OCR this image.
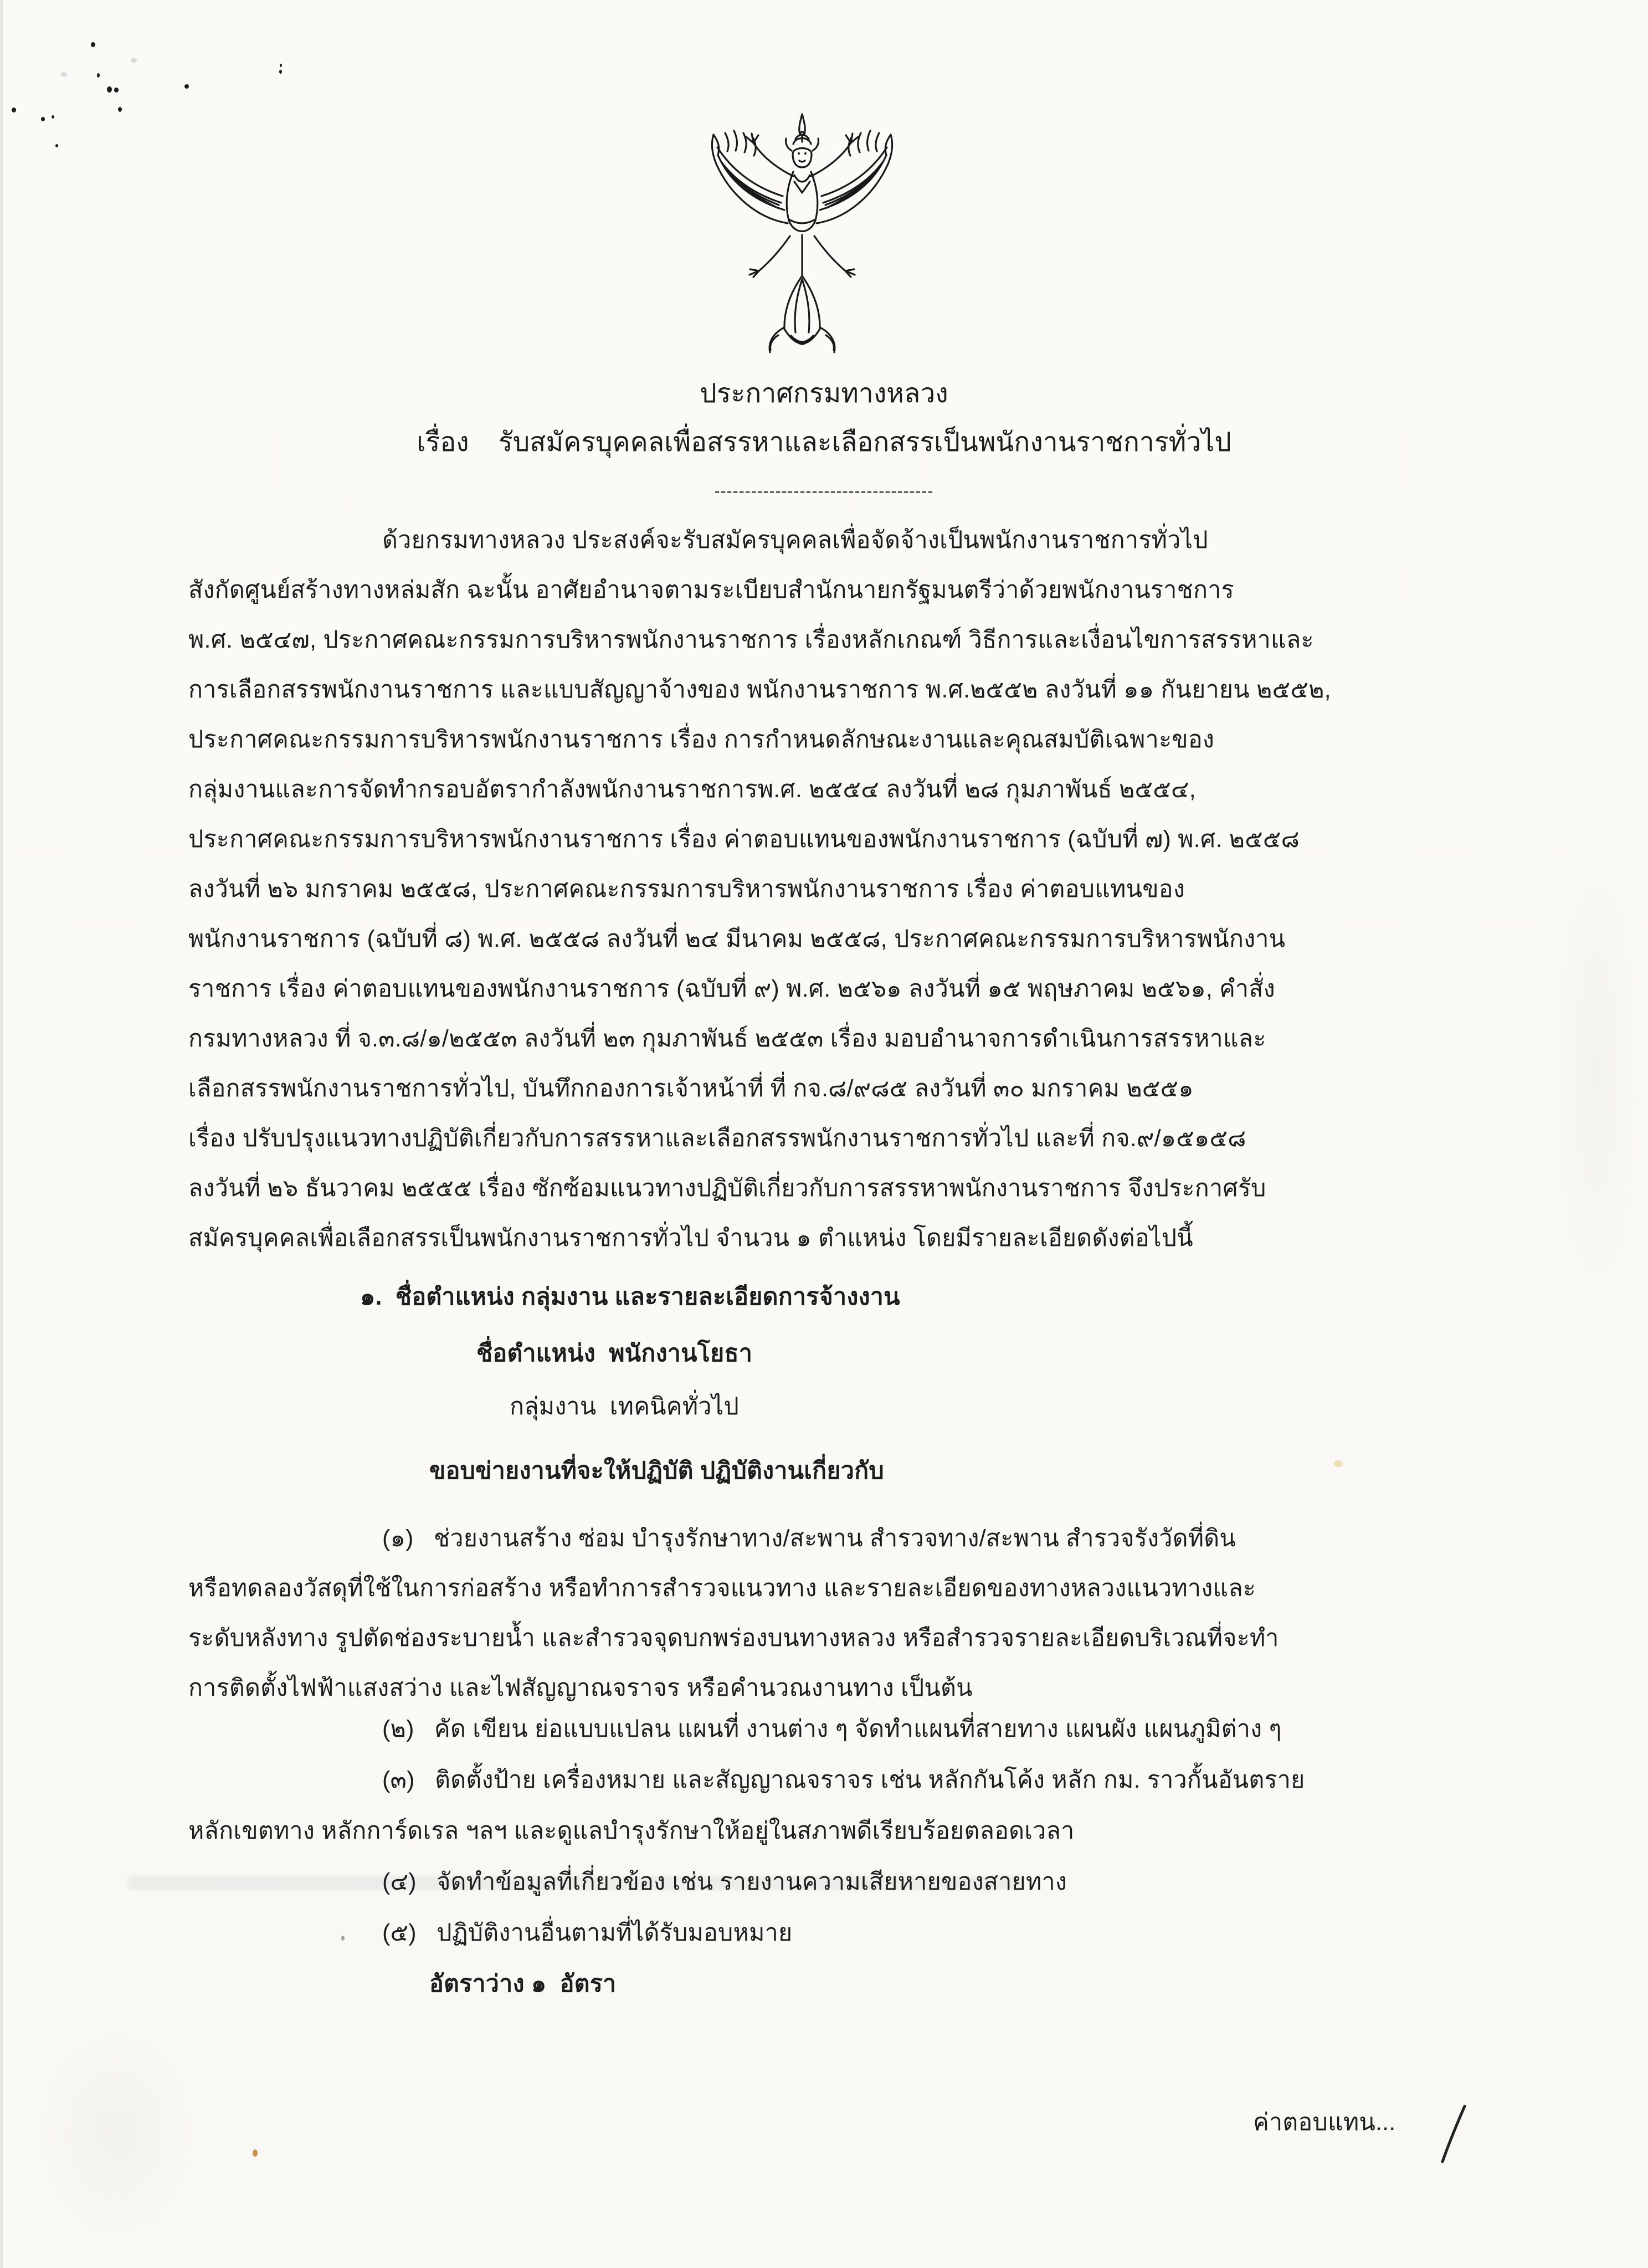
ประกาศกรมทางหลวง
เรื่อง    รับสมัครบุคคลเพื่อสรรหาและเลือกสรรเป็นพนักงานราชการทั่วไป
------------------------------------
ด้วยกรมทางหลวง ประสงค์จะรับสมัครบุคคลเพื่อจัดจ้างเป็นพนักงานราชการทั่วไป
สังกัดศูนย์สร้างทางหล่มสัก ฉะนั้น อาศัยอำนาจตามระเบียบสำนักนายกรัฐมนตรีว่าด้วยพนักงานราชการ
พ.ศ. ๒๕๔๗, ประกาศคณะกรรมการบริหารพนักงานราชการ เรื่องหลักเกณฑ์ วิธีการและเงื่อนไขการสรรหาและ
การเลือกสรรพนักงานราชการ และแบบสัญญาจ้างของ พนักงานราชการ พ.ศ.๒๕๕๒ ลงวันที่ ๑๑ กันยายน ๒๕๕๒,
ประกาศคณะกรรมการบริหารพนักงานราชการ เรื่อง การกำหนดลักษณะงานและคุณสมบัติเฉพาะของ
กลุ่มงานและการจัดทำกรอบอัตรากำลังพนักงานราชการพ.ศ. ๒๕๕๔ ลงวันที่ ๒๘ กุมภาพันธ์ ๒๕๕๔,
ประกาศคณะกรรมการบริหารพนักงานราชการ เรื่อง ค่าตอบแทนของพนักงานราชการ (ฉบับที่ ๗) พ.ศ. ๒๕๕๘
ลงวันที่ ๒๖ มกราคม ๒๕๕๘, ประกาศคณะกรรมการบริหารพนักงานราชการ เรื่อง ค่าตอบแทนของ
พนักงานราชการ (ฉบับที่ ๘) พ.ศ. ๒๕๕๘ ลงวันที่ ๒๔ มีนาคม ๒๕๕๘, ประกาศคณะกรรมการบริหารพนักงาน
ราชการ เรื่อง ค่าตอบแทนของพนักงานราชการ (ฉบับที่ ๙) พ.ศ. ๒๕๖๑ ลงวันที่ ๑๕ พฤษภาคม ๒๕๖๑, คำสั่ง
กรมทางหลวง ที่ จ.๓.๘/๑/๒๕๕๓ ลงวันที่ ๒๓ กุมภาพันธ์ ๒๕๕๓ เรื่อง มอบอำนาจการดำเนินการสรรหาและ
เลือกสรรพนักงานราชการทั่วไป, บันทึกกองการเจ้าหน้าที่ ที่ กจ.๘/๙๘๕ ลงวันที่ ๓๐ มกราคม ๒๕๕๑
เรื่อง ปรับปรุงแนวทางปฏิบัติเกี่ยวกับการสรรหาและเลือกสรรพนักงานราชการทั่วไป และที่ กจ.๙/๑๕๑๕๘
ลงวันที่ ๒๖ ธันวาคม ๒๕๕๕ เรื่อง ซักซ้อมแนวทางปฏิบัติเกี่ยวกับการสรรหาพนักงานราชการ จึงประกาศรับ
สมัครบุคคลเพื่อเลือกสรรเป็นพนักงานราชการทั่วไป จำนวน ๑ ตำแหน่ง โดยมีรายละเอียดดังต่อไปนี้
๑.  ชื่อตำแหน่ง กลุ่มงาน และรายละเอียดการจ้างงาน
ชื่อตำแหน่ง  พนักงานโยธา
กลุ่มงาน  เทคนิคทั่วไป
ขอบข่ายงานที่จะให้ปฏิบัติ ปฏิบัติงานเกี่ยวกับ
(๑)   ช่วยงานสร้าง ซ่อม บำรุงรักษาทาง/สะพาน สำรวจทาง/สะพาน สำรวจรังวัดที่ดิน
หรือทดลองวัสดุที่ใช้ในการก่อสร้าง หรือทำการสำรวจแนวทาง และรายละเอียดของทางหลวงแนวทางและ
ระดับหลังทาง รูปตัดช่องระบายน้ำ และสำรวจจุดบกพร่องบนทางหลวง หรือสำรวจรายละเอียดบริเวณที่จะทำ
การติดตั้งไฟฟ้าแสงสว่าง และไฟสัญญาณจราจร หรือคำนวณงานทาง เป็นต้น
(๒)   คัด เขียน ย่อแบบแปลน แผนที่ งานต่าง ๆ จัดทำแผนที่สายทาง แผนผัง แผนภูมิต่าง ๆ
(๓)   ติดตั้งป้าย เครื่องหมาย และสัญญาณจราจร เช่น หลักกันโค้ง หลัก กม. ราวกั้นอันตราย
หลักเขตทาง หลักการ์ดเรล ฯลฯ และดูแลบำรุงรักษาให้อยู่ในสภาพดีเรียบร้อยตลอดเวลา
(๔)   จัดทำข้อมูลที่เกี่ยวข้อง เช่น รายงานความเสียหายของสายทาง
(๕)   ปฏิบัติงานอื่นตามที่ได้รับมอบหมาย
อัตราว่าง ๑  อัตรา
ค่าตอบแทน...
